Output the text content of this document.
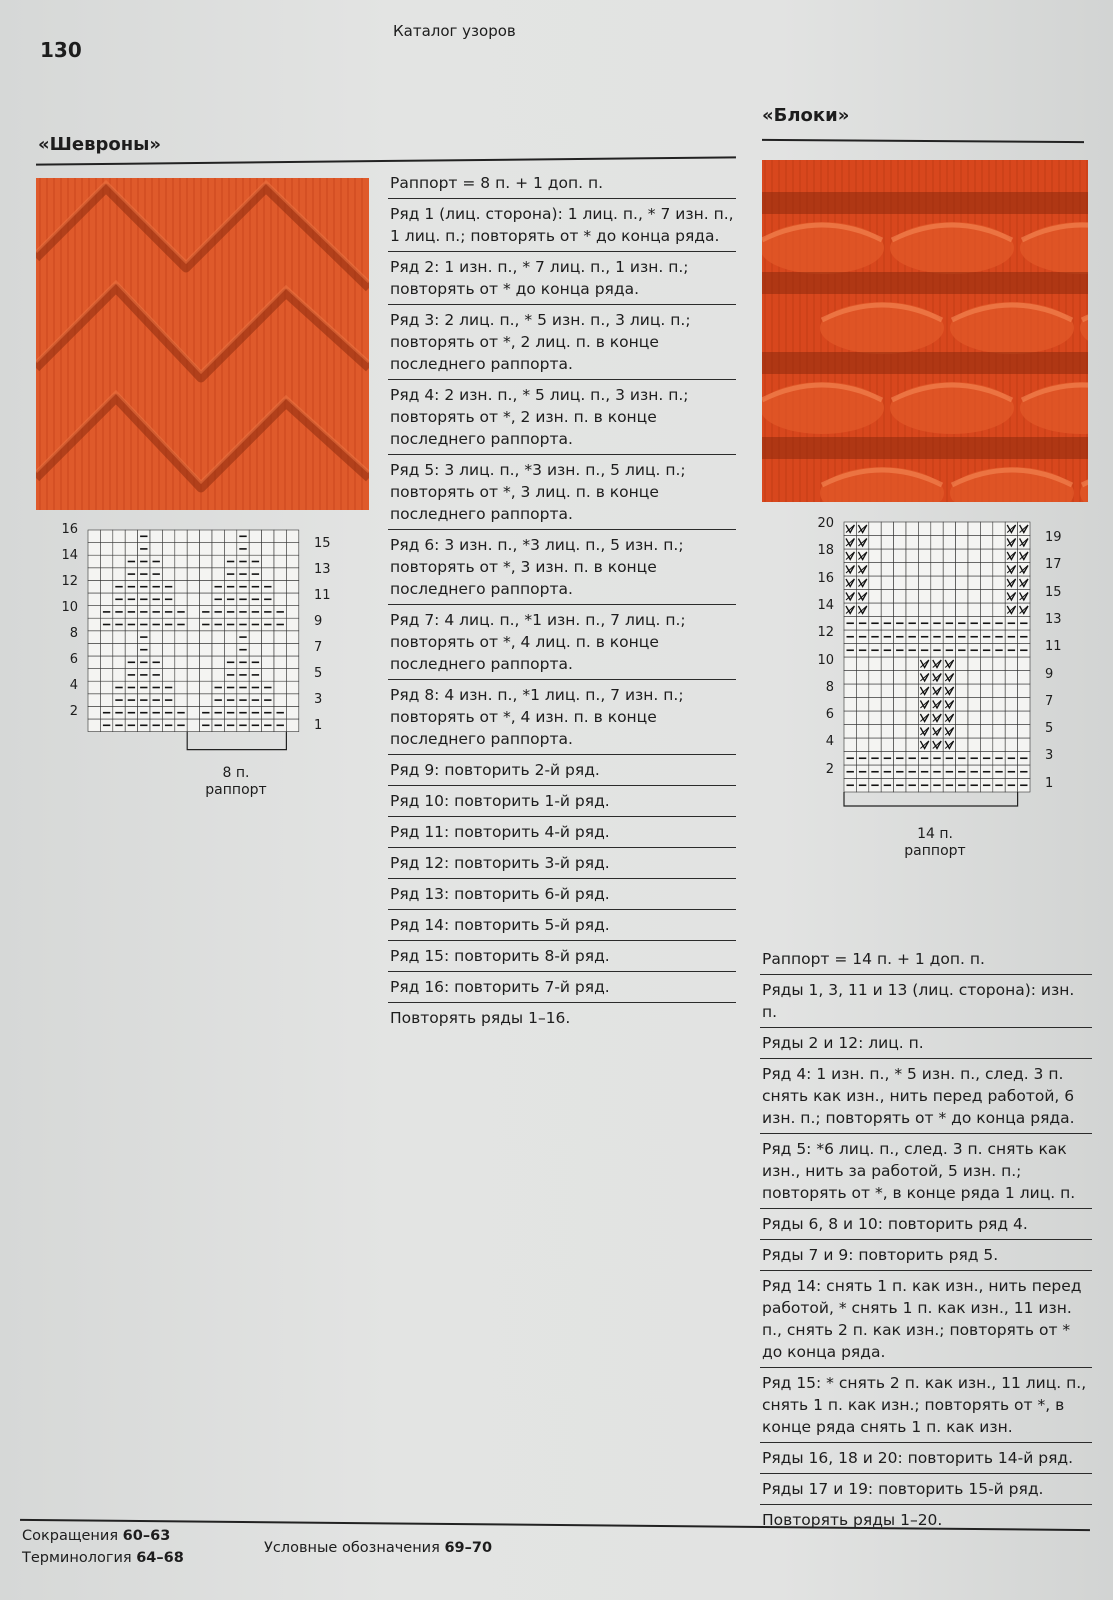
130
Каталог узоров
«Шевроны»
16
14
12
10
8
6
4
2
15
13
11
9
7
5
3
1
8 п.
раппорт
Раппорт = 8 п. + 1 доп. п.
Ряд 1 (лиц. сторона): 1 лиц. п., * 7 изн. п., 1 лиц. п.; повторять от * до конца ряда.
Ряд 2: 1 изн. п., * 7 лиц. п., 1 изн. п.; повторять от * до конца ряда.
Ряд 3: 2 лиц. п., * 5 изн. п., 3 лиц. п.; повторять от *, 2 лиц. п. в конце последнего раппорта.
Ряд 4: 2 изн. п., * 5 лиц. п., 3 изн. п.; повторять от *, 2 изн. п. в конце последнего раппорта.
Ряд 5: 3 лиц. п., *3 изн. п., 5 лиц. п.; повторять от *, 3 лиц. п. в конце последнего раппорта.
Ряд 6: 3 изн. п., *3 лиц. п., 5 изн. п.; повторять от *, 3 изн. п. в конце последнего раппорта.
Ряд 7: 4 лиц. п., *1 изн. п., 7 лиц. п.; повторять от *, 4 лиц. п. в конце последнего раппорта.
Ряд 8: 4 изн. п., *1 лиц. п., 7 изн. п.; повторять от *, 4 изн. п. в конце последнего раппорта.
Ряд 9: повторить 2-й ряд.
Ряд 10: повторить 1-й ряд.
Ряд 11: повторить 4-й ряд.
Ряд 12: повторить 3-й ряд.
Ряд 13: повторить 6-й ряд.
Ряд 14: повторить 5-й ряд.
Ряд 15: повторить 8-й ряд.
Ряд 16: повторить 7-й ряд.
Повторять ряды 1–16.
«Блоки»
20
18
16
14
12
10
8
6
4
2
19
17
15
13
11
9
7
5
3
1
14 п.
раппорт
Раппорт = 14 п. + 1 доп. п.
Ряды 1, 3, 11 и 13 (лиц. сторона): изн. п.
Ряды 2 и 12: лиц. п.
Ряд 4: 1 изн. п., * 5 изн. п., след. 3 п. снять как изн., нить перед работой, 6 изн. п.; повторять от * до конца ряда.
Ряд 5: *6 лиц. п., след. 3 п. снять как изн., нить за работой, 5 изн. п.; повторять от *, в конце ряда 1 лиц. п.
Ряды 6, 8 и 10: повторить ряд 4.
Ряды 7 и 9: повторить ряд 5.
Ряд 14: снять 1 п. как изн., нить перед работой, * снять 1 п. как изн., 11 изн. п., снять 2 п. как изн.; повторять от * до конца ряда.
Ряд 15: * снять 2 п. как изн., 11 лиц. п., снять 1 п. как изн.; повторять от *, в конце ряда снять 1 п. как изн.
Ряды 16, 18 и 20: повторить 14-й ряд.
Ряды 17 и 19: повторить 15-й ряд.
Повторять ряды 1–20.
Сокращения 60–63
Терминология 64–68
Условные обозначения 69–70
